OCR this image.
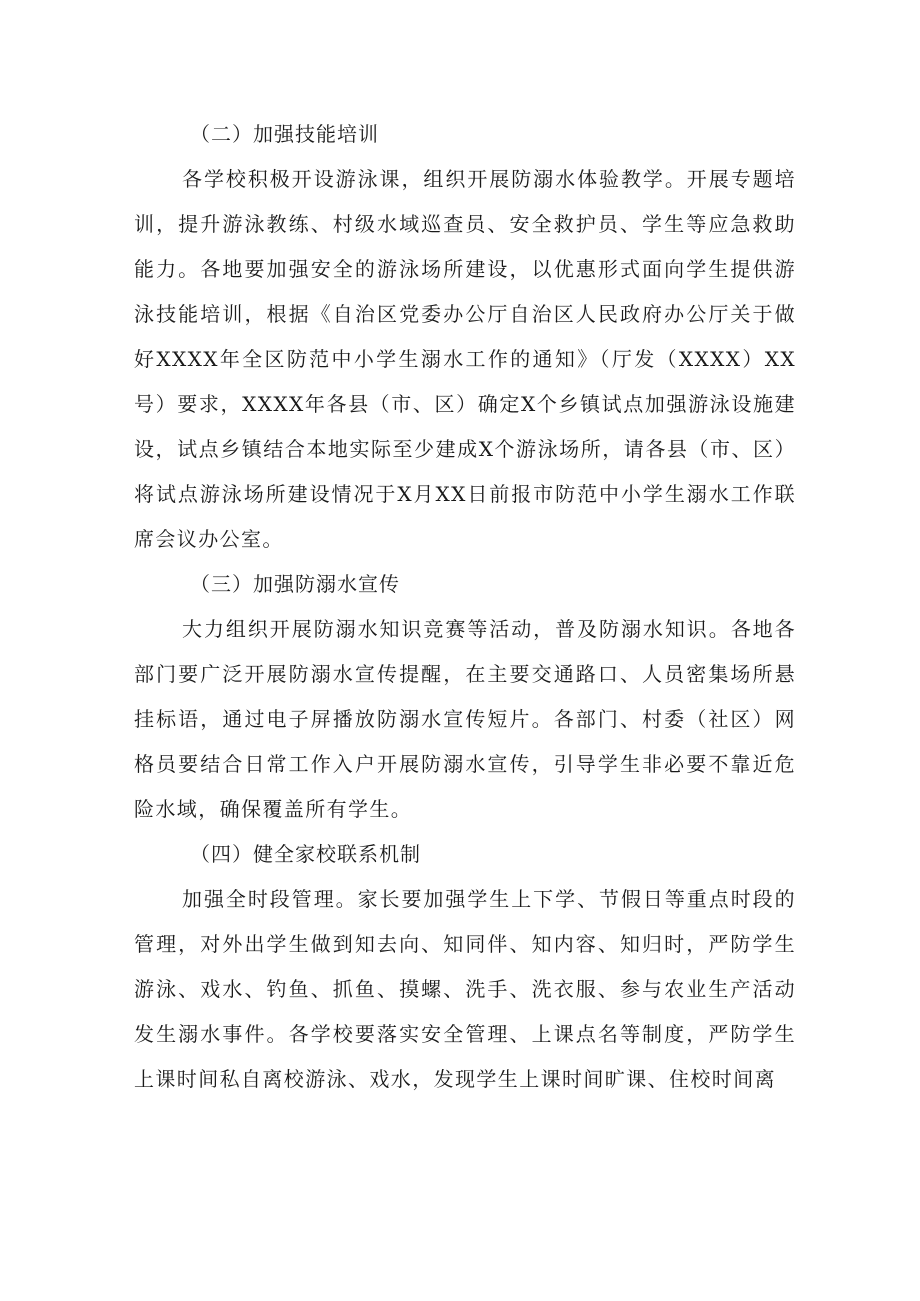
（二）加强技能培训

各学校积极开设游泳课，组织开展防溺水体验教学。开展专题培训，提升游泳教练、村级水域巡查员、安全救护员、学生等应急救助能力。各地要加强安全的游泳场所建设，以优惠形式面向学生提供游泳技能培训，根据《自治区党委办公厅自治区人民政府办公厅关于做好XXXX年全区防范中小学生溺水工作的通知》（厅发（XXXX）XX号）要求，XXXX年各县（市、区）确定X个乡镇试点加强游泳设施建设，试点乡镇结合本地实际至少建成X个游泳场所，请各县（市、区）将试点游泳场所建设情况于X月XX日前报市防范中小学生溺水工作联席会议办公室。

（三）加强防溺水宣传

大力组织开展防溺水知识竞赛等活动，普及防溺水知识。各地各部门要广泛开展防溺水宣传提醒，在主要交通路口、人员密集场所悬挂标语，通过电子屏播放防溺水宣传短片。各部门、村委（社区）网格员要结合日常工作入户开展防溺水宣传，引导学生非必要不靠近危险水域，确保覆盖所有学生。

（四）健全家校联系机制

加强全时段管理。家长要加强学生上下学、节假日等重点时段的管理，对外出学生做到知去向、知同伴、知内容、知归时，严防学生游泳、戏水、钓鱼、抓鱼、摸螺、洗手、洗衣服、参与农业生产活动发生溺水事件。各学校要落实安全管理、上课点名等制度，严防学生上课时间私自离校游泳、戏水，发现学生上课时间旷课、住校时间离
